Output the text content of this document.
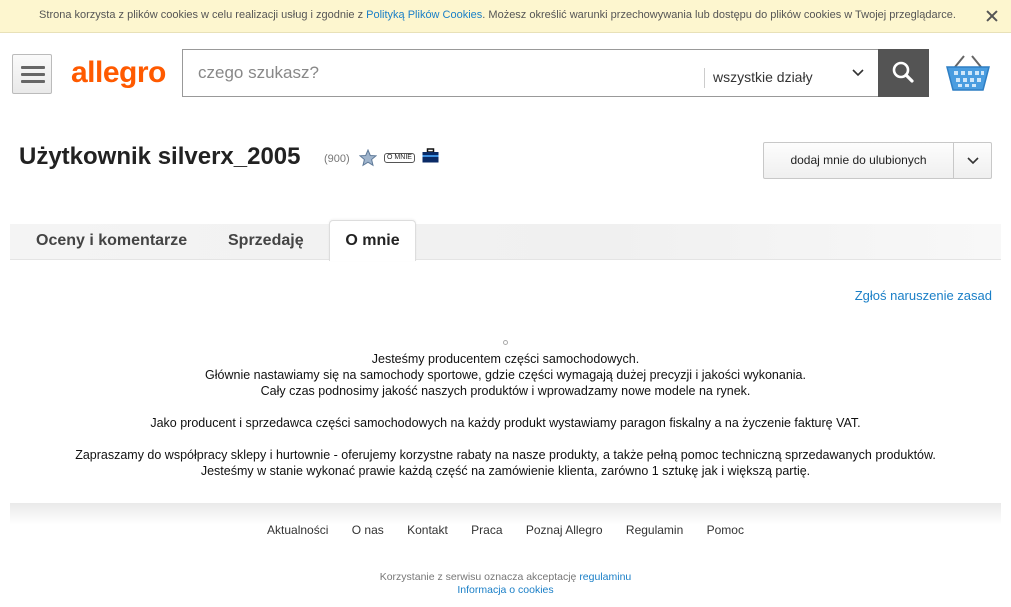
Strona korzysta z plików cookies w celu realizacji usług i zgodnie z Polityką Plików Cookies. Możesz określić warunki przechowywania lub dostępu do plików cookies w Twojej przeglądarce.
allegro
czego szukasz?	wszystkie działy
Użytkownik silverx_2005 (900)	O MNIE	dodaj mnie do ulubionych
Oceny i komentarze	Sprzedaję	O mnie
Zgłoś naruszenie zasad
Jesteśmy producentem części samochodowych.
Głównie nastawiamy się na samochody sportowe, gdzie części wymagają dużej precyzji i jakości wykonania.
Cały czas podnosimy jakość naszych produktów i wprowadzamy nowe modele na rynek.
Jako producent i sprzedawca części samochodowych na każdy produkt wystawiamy paragon fiskalny a na życzenie fakturę VAT.
Zapraszamy do współpracy sklepy i hurtownie - oferujemy korzystne rabaty na nasze produkty, a także pełną pomoc techniczną sprzedawanych produktów.
Jesteśmy w stanie wykonać prawie każdą część na zamówienie klienta, zarówno 1 sztukę jak i większą partię.
Aktualności O nas Kontakt Praca Poznaj Allegro Regulamin Pomoc
Korzystanie z serwisu oznacza akceptację regulaminu
Informacja o cookies
